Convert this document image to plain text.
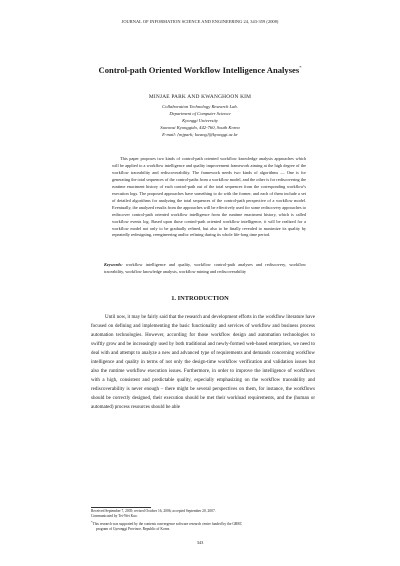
JOURNAL OF INFORMATION SCIENCE AND ENGINEERING 24, 343-359 (2008)
Control-path Oriented Workflow Intelligence Analyses*
MINJAE PARK AND KWANGHOON KIM
Collaboration Technology Research Lab.
Department of Computer Science
Kyonggi University
Suwonsi Kyonggido, 442-760, South Korea
E-mail: {mjpark; kwang}@kyonggi.ac.kr

This paper proposes two kinds of control-path oriented workflow knowledge analysis approaches which will be applied to a workflow intelligence and quality improvement framework aiming at the high degree of the workflow traceability and rediscoverability. The framework needs two kinds of algorithms — One is for generating the total sequences of the control-paths from a workflow model, and the other is for rediscovering the runtime enactment history of each control-path out of the total sequences from the corresponding workflow's execution logs. The proposed approaches have something to do with the former, and each of them include a set of detailed algorithms for analyzing the total sequences of the control-path perspective of a workflow model. Eventually, the analyzed results from the approaches will be effectively used for some rediscovery approaches to rediscover control-path oriented workflow intelligence from the runtime enactment history, which is called workflow events log. Based upon those control-path oriented workflow intelligence, it will be realized for a workflow model not only to be gradually refined, but also to be finally revealed to maximize its quality by repeatedly redesigning, reengineering and/or refining during its whole life-long time period.

Keywords: workflow intelligence and quality, workflow control-path analyses and rediscovery, workflow traceability, workflow knowledge analysis, workflow mining and rediscoverability
1. INTRODUCTION

Until now, it may be fairly said that the research and development efforts in the workflow literature have focused on defining and implementing the basic functionality and services of workflow and business process automation technologies. However, according for those workflow design and automation technologies to swiftly grow and be increasingly used by both traditional and newly-formed web-based enterprises, we need to deal with and attempt to analyze a new and advanced type of requirements and demands concerning workflow intelligence and quality in terms of not only the design-time workflow verification and validation issues but also the runtime workflow execution issues. Furthermore, in order to improve the intelligence of workflows with a high, consistent and predictable quality, especially emphasizing on the workflow traceability and rediscoverability is never enough – there might be several perspectives on them, for instance, the workflows should be correctly designed, their execution should be met their workload requirements, and the (human or automated) process resources should be able

Received September 7, 2005; revised October 16, 2006; accepted September 20, 2007.
Communicated by Tei-Wei Kuo.
*This research was supported by the contents convergence software research center funded by the GRRC
program of Gyeonggi Province, Republic of Korea.
343
